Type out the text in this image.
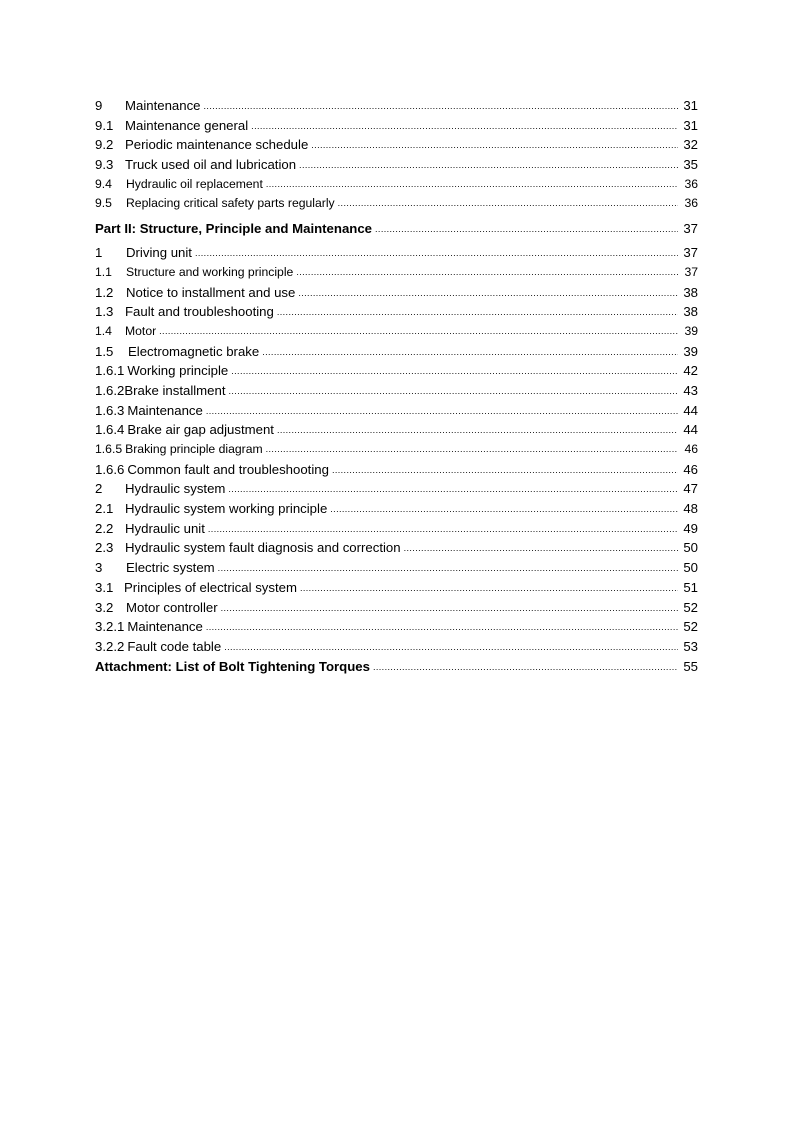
9	Maintenance .....	31
9.1 Maintenance general .....	31
9.2 Periodic maintenance schedule .....	32
9.3 Truck used oil and lubrication .....	35
9.4	Hydraulic oil replacement .....	36
9.5	Replacing critical safety parts regularly .....	36
Part II: Structure, Principle and Maintenance .....	37
1	Driving unit .....	37
1.1	Structure and working principle .....	37
1.2 Notice to installment and use .....	38
1.3 Fault and troubleshooting .....	38
1.4	Motor .....	39
1.5	Electromagnetic brake .....	39
1.6.1 Working principle .....	42
1.6.2 Brake installment .....	43
1.6.3 Maintenance .....	44
1.6.4 Brake air gap adjustment .....	44
1.6.5 Braking principle diagram .....	46
1.6.6 Common fault and troubleshooting .....	46
2	Hydraulic system .....	47
2.1 Hydraulic system working principle .....	48
2.2 Hydraulic unit .....	49
2.3 Hydraulic system fault diagnosis and correction .....	50
3	Electric system .....	50
3.1 Principles of electrical system .....	51
3.2 Motor controller .....	52
3.2.1 Maintenance .....	52
3.2.2 Fault code table .....	53
Attachment: List of Bolt Tightening Torques .....	55
